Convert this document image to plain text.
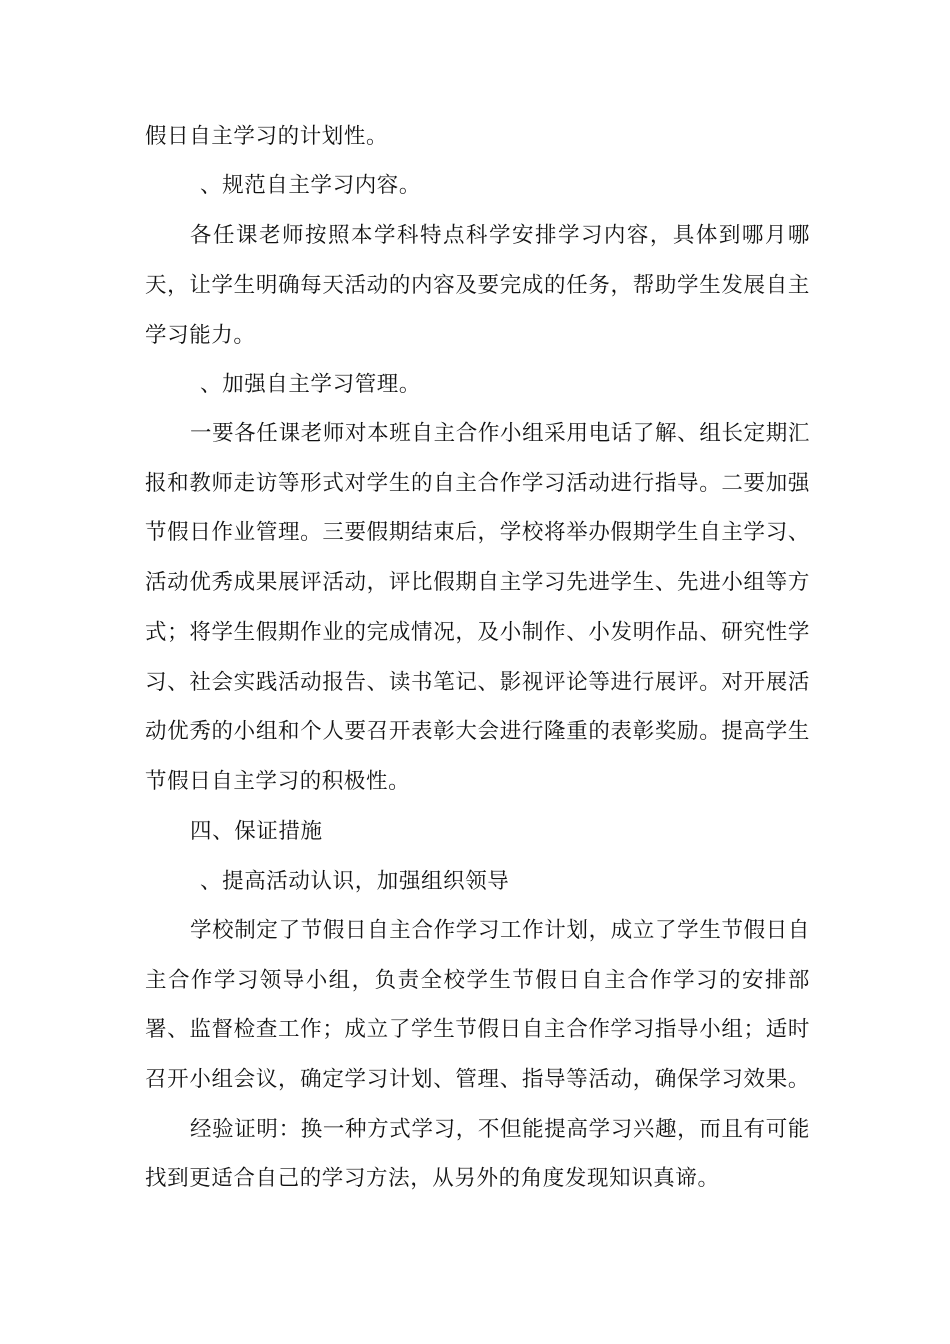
假日自主学习的计划性。
、规范自主学习内容。
各任课老师按照本学科特点科学安排学习内容，具体到哪月哪
天，让学生明确每天活动的内容及要完成的任务，帮助学生发展自主
学习能力。
、加强自主学习管理。
一要各任课老师对本班自主合作小组采用电话了解、组长定期汇
报和教师走访等形式对学生的自主合作学习活动进行指导。二要加强
节假日作业管理。三要假期结束后，学校将举办假期学生自主学习、
活动优秀成果展评活动，评比假期自主学习先进学生、先进小组等方
式；将学生假期作业的完成情况，及小制作、小发明作品、研究性学
习、社会实践活动报告、读书笔记、影视评论等进行展评。对开展活
动优秀的小组和个人要召开表彰大会进行隆重的表彰奖励。提高学生
节假日自主学习的积极性。
四、保证措施
、提高活动认识，加强组织领导
学校制定了节假日自主合作学习工作计划，成立了学生节假日自
主合作学习领导小组，负责全校学生节假日自主合作学习的安排部
署、监督检查工作；成立了学生节假日自主合作学习指导小组；适时
召开小组会议，确定学习计划、管理、指导等活动，确保学习效果。
经验证明：换一种方式学习，不但能提高学习兴趣，而且有可能
找到更适合自己的学习方法，从另外的角度发现知识真谛。
